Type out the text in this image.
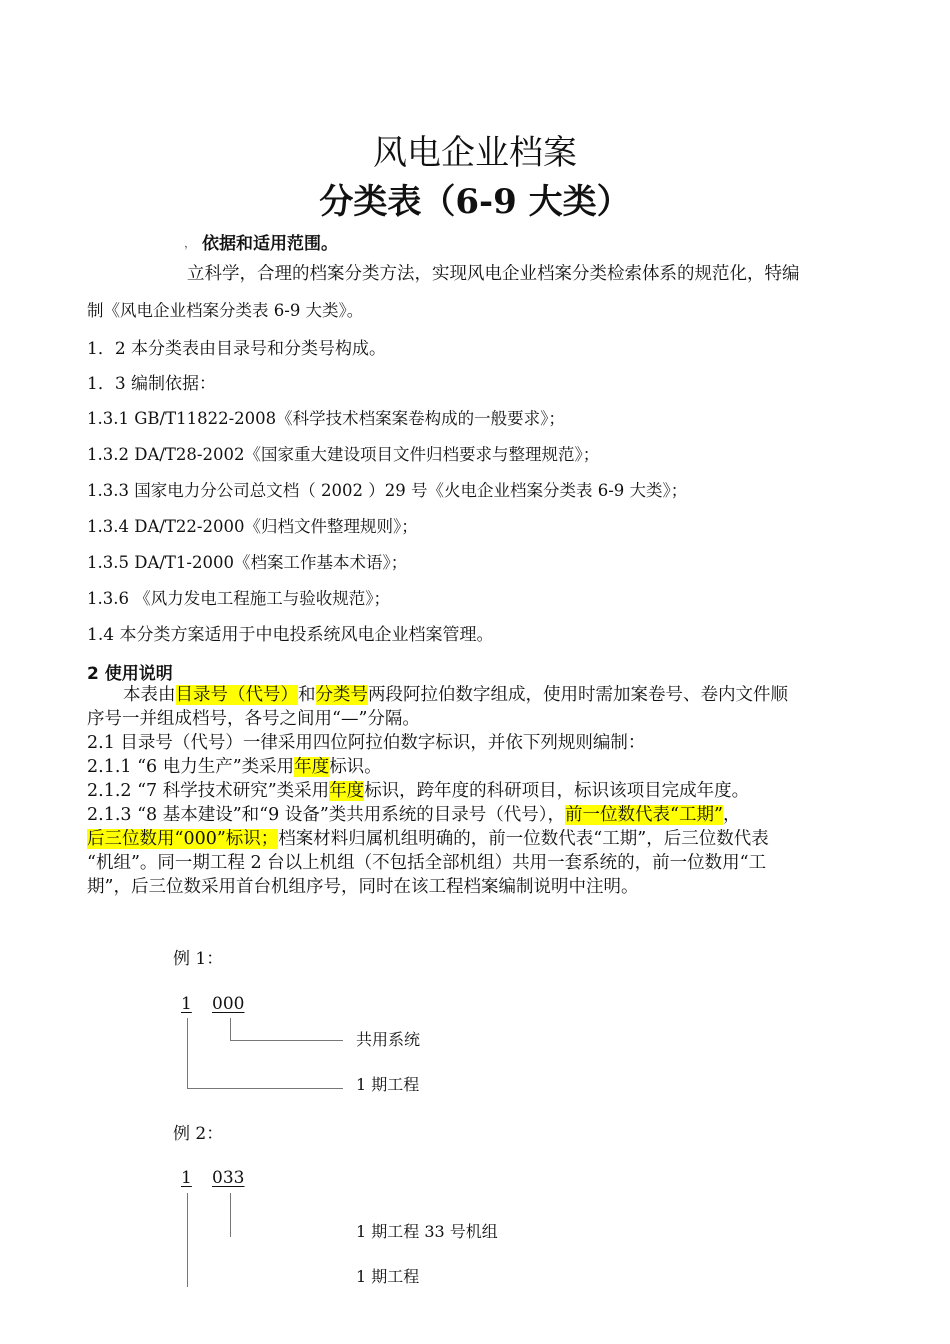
风电企业档案
分类表（6-9 大类）
， 依据和适用范围。
立科学，合理的档案分类方法，实现风电企业档案分类检索体系的规范化，特编
制《风电企业档案分类表 6-9 大类》。
1．2 本分类表由目录号和分类号构成。
1．3 编制依据：
1.3.1 GB/T11822-2008《科学技术档案案卷构成的一般要求》；
1.3.2 DA/T28-2002《国家重大建设项目文件归档要求与整理规范》；
1.3.3 国家电力分公司总文档（ 2002 ）29 号《火电企业档案分类表 6-9 大类》；
1.3.4 DA/T22-2000《归档文件整理规则》；
1.3.5 DA/T1-2000《档案工作基本术语》；
1.3.6 《风力发电工程施工与验收规范》；
1.4 本分类方案适用于中电投系统风电企业档案管理。
2 使用说明
本表由目录号（代号）和分类号两段阿拉伯数字组成，使用时需加案卷号、卷内文件顺
序号一并组成档号，各号之间用“—”分隔。
2.1 目录号（代号）一律采用四位阿拉伯数字标识，并依下列规则编制：
2.1.1 “6 电力生产”类采用年度标识。
2.1.2 “7 科学技术研究”类采用年度标识，跨年度的科研项目，标识该项目完成年度。
2.1.3 “8 基本建设”和“9 设备”类共用系统的目录号（代号），前一位数代表“工期”，
后三位数用“000”标识；档案材料归属机组明确的，前一位数代表“工期”，后三位数代表
“机组”。同一期工程 2 台以上机组（不包括全部机组）共用一套系统的，前一位数用“工
期”，后三位数采用首台机组序号，同时在该工程档案编制说明中注明。
例 1：
1 000
共用系统
1 期工程
例 2：
1	033
1 期工程 33 号机组
1 期工程
